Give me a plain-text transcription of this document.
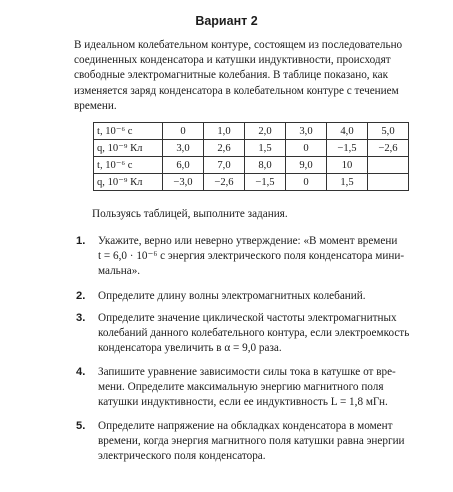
Вариант 2
В идеальном колебательном контуре, состоящем из последовательно
соединенных конденсатора и катушки индуктивности, происходят
свободные электромагнитные колебания. В таблице показано, как
изменяется заряд конденсатора в колебательном контуре с течением
времени.
t, 10⁻⁶ с	0	1,0	2,0	3,0	4,0	5,0
q, 10⁻⁹ Кл	3,0	2,6	1,5	0	−1,5	−2,6
t, 10⁻⁶ с	6,0	7,0	8,0	9,0	10	
q, 10⁻⁹ Кл	−3,0	−2,6	−1,5	0	1,5	
Пользуясь таблицей, выполните задания.
1. Укажите, верно или неверно утверждение: «В момент времени
t = 6,0 · 10⁻⁶ с энергия электрического поля конденсатора мини-
мальна».
2. Определите длину волны электромагнитных колебаний.
3. Определите значение циклической частоты электромагнитных
колебаний данного колебательного контура, если электроемкость
конденсатора увеличить в α = 9,0 раза.
4. Запишите уравнение зависимости силы тока в катушке от вре-
мени. Определите максимальную энергию магнитного поля
катушки индуктивности, если ее индуктивность L = 1,8 мГн.
5. Определите напряжение на обкладках конденсатора в момент
времени, когда энергия магнитного поля катушки равна энергии
электрического поля конденсатора.
